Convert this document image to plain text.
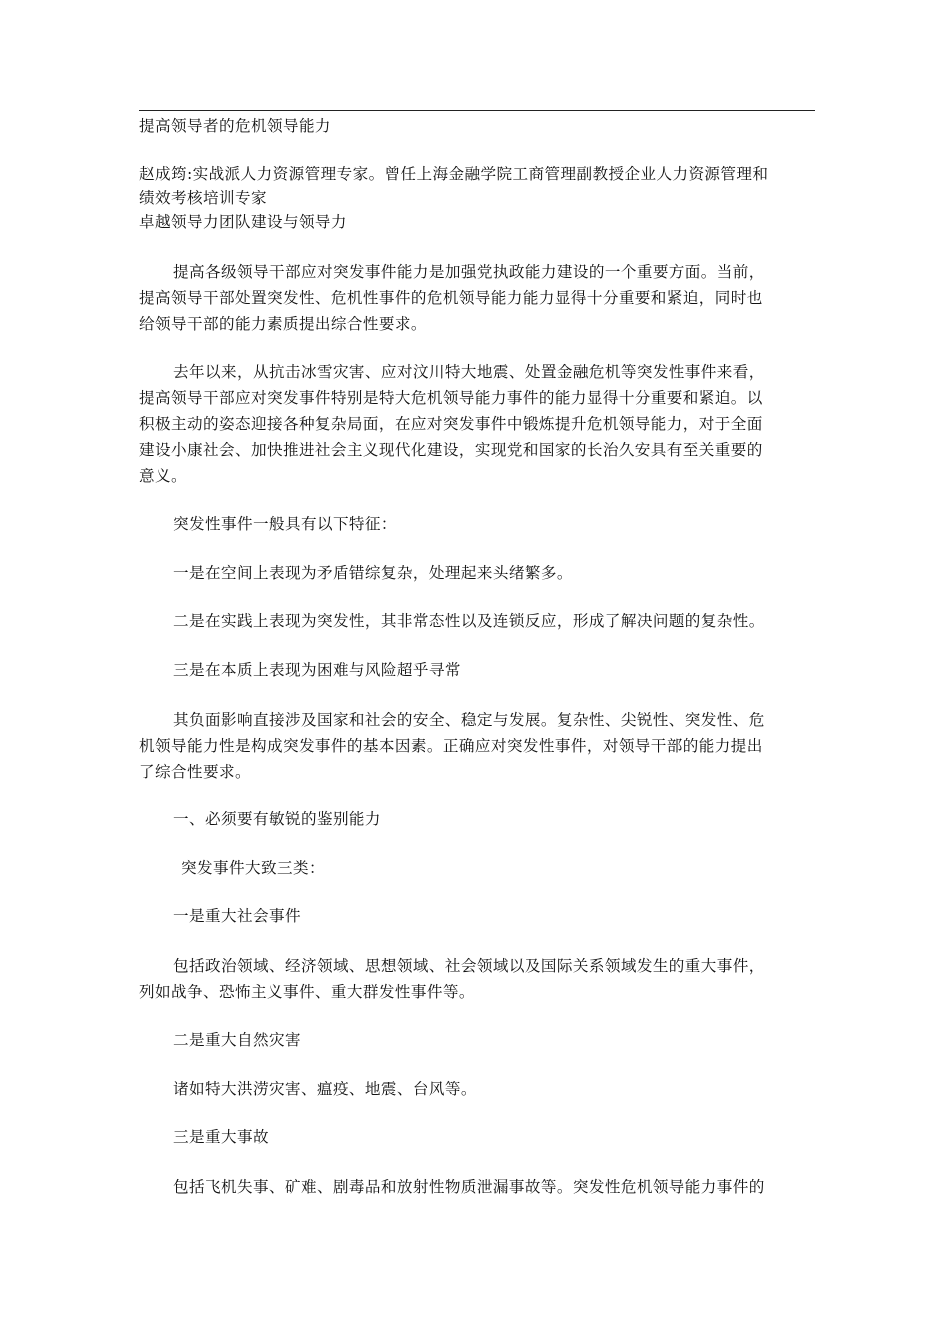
提高领导者的危机领导能力
赵成筠:实战派人力资源管理专家。曾任上海金融学院工商管理副教授企业人力资源管理和
绩效考核培训专家
卓越领导力团队建设与领导力
提高各级领导干部应对突发事件能力是加强党执政能力建设的一个重要方面。当前，
提高领导干部处置突发性、危机性事件的危机领导能力能力显得十分重要和紧迫，同时也
给领导干部的能力素质提出综合性要求。
去年以来，从抗击冰雪灾害、应对汶川特大地震、处置金融危机等突发性事件来看，
提高领导干部应对突发事件特别是特大危机领导能力事件的能力显得十分重要和紧迫。以
积极主动的姿态迎接各种复杂局面，在应对突发事件中锻炼提升危机领导能力，对于全面
建设小康社会、加快推进社会主义现代化建设，实现党和国家的长治久安具有至关重要的
意义。
突发性事件一般具有以下特征：
一是在空间上表现为矛盾错综复杂，处理起来头绪繁多。
二是在实践上表现为突发性，其非常态性以及连锁反应，形成了解决问题的复杂性。
三是在本质上表现为困难与风险超乎寻常
其负面影响直接涉及国家和社会的安全、稳定与发展。复杂性、尖锐性、突发性、危
机领导能力性是构成突发事件的基本因素。正确应对突发性事件，对领导干部的能力提出
了综合性要求。
一、必须要有敏锐的鉴别能力
突发事件大致三类：
一是重大社会事件
包括政治领域、经济领域、思想领域、社会领域以及国际关系领域发生的重大事件，
列如战争、恐怖主义事件、重大群发性事件等。
二是重大自然灾害
诸如特大洪涝灾害、瘟疫、地震、台风等。
三是重大事故
包括飞机失事、矿难、剧毒品和放射性物质泄漏事故等。突发性危机领导能力事件的
